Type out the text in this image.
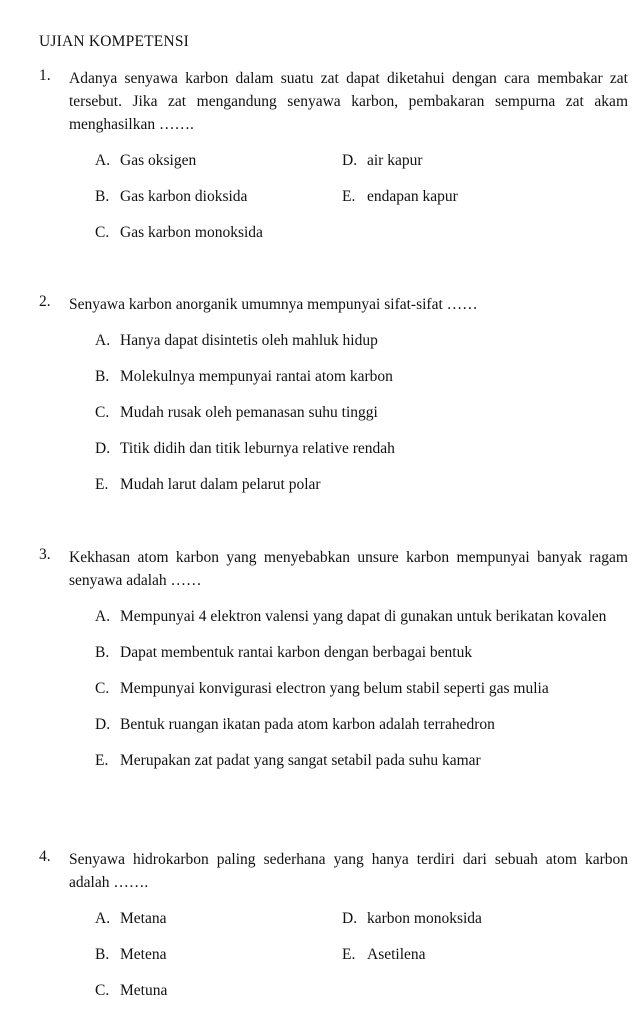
UJIAN KOMPETENSI
1.	Adanya senyawa karbon dalam suatu zat dapat diketahui dengan cara membakar zat tersebut. Jika zat mengandung senyawa karbon, pembakaran sempurna zat akam menghasilkan …….
A. Gas oksigen	D. air kapur
B. Gas karbon dioksida	E. endapan kapur
C. Gas karbon monoksida
2.	Senyawa karbon anorganik umumnya mempunyai sifat-sifat ……
A. Hanya dapat disintetis oleh mahluk hidup
B. Molekulnya mempunyai rantai atom karbon
C. Mudah rusak oleh pemanasan suhu tinggi
D. Titik didih dan titik leburnya relative rendah
E. Mudah larut dalam pelarut polar
3.	Kekhasan atom karbon yang menyebabkan unsure karbon mempunyai banyak ragam senyawa adalah ……
A. Mempunyai 4 elektron valensi yang dapat di gunakan untuk berikatan kovalen
B. Dapat membentuk rantai karbon dengan berbagai bentuk
C. Mempunyai konvigurasi electron yang belum stabil seperti gas mulia
D. Bentuk ruangan ikatan pada atom karbon adalah terrahedron
E. Merupakan zat padat yang sangat setabil pada suhu kamar
4.	Senyawa hidrokarbon paling sederhana yang hanya terdiri dari sebuah atom karbon adalah …….
A. Metana	D. karbon monoksida
B. Metena	E. Asetilena
C. Metuna
